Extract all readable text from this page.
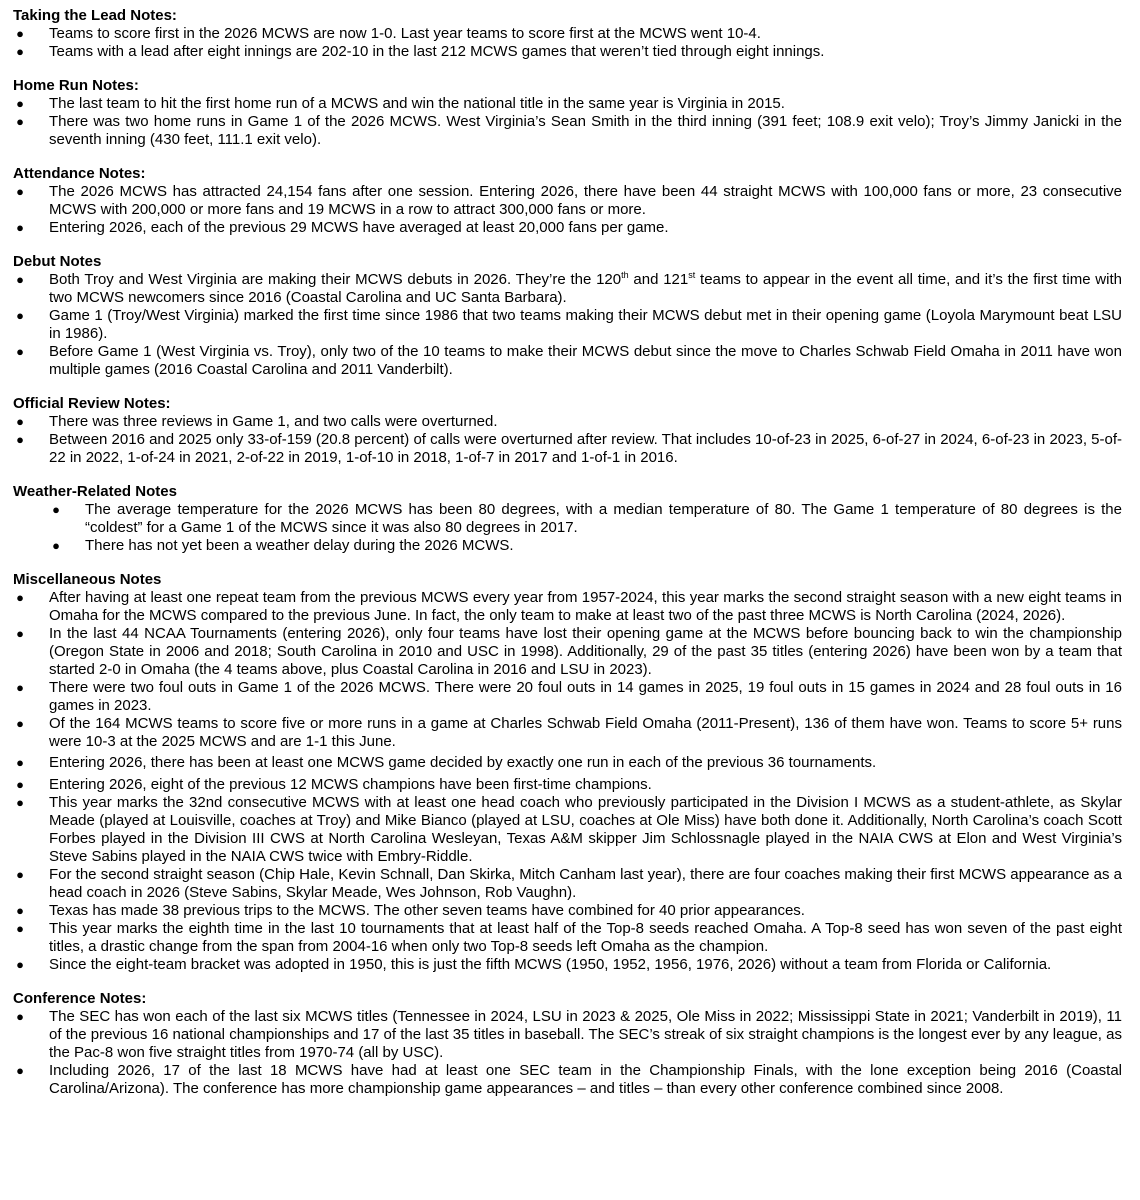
Taking the Lead Notes:

● Teams to score first in the 2026 MCWS are now 1-0. Last year teams to score first at the MCWS went 10-4.
● Teams with a lead after eight innings are 202-10 in the last 212 MCWS games that weren’t tied through eight innings.

Home Run Notes:

● The last team to hit the first home run of a MCWS and win the national title in the same year is Virginia in 2015.
● There was two home runs in Game 1 of the 2026 MCWS. West Virginia’s Sean Smith in the third inning (391 feet; 108.9 exit velo); Troy’s Jimmy Janicki in the seventh inning (430 feet, 111.1 exit velo).

Attendance Notes:

● The 2026 MCWS has attracted 24,154 fans after one session. Entering 2026, there have been 44 straight MCWS with 100,000 fans or more, 23 consecutive MCWS with 200,000 or more fans and 19 MCWS in a row to attract 300,000 fans or more.
● Entering 2026, each of the previous 29 MCWS have averaged at least 20,000 fans per game.

Debut Notes

● Both Troy and West Virginia are making their MCWS debuts in 2026. They’re the 120th and 121st teams to appear in the event all time, and it’s the first time with two MCWS newcomers since 2016 (Coastal Carolina and UC Santa Barbara).
● Game 1 (Troy/West Virginia) marked the first time since 1986 that two teams making their MCWS debut met in their opening game (Loyola Marymount beat LSU in 1986).
● Before Game 1 (West Virginia vs. Troy), only two of the 10 teams to make their MCWS debut since the move to Charles Schwab Field Omaha in 2011 have won multiple games (2016 Coastal Carolina and 2011 Vanderbilt).

Official Review Notes:

● There was three reviews in Game 1, and two calls were overturned.
● Between 2016 and 2025 only 33-of-159 (20.8 percent) of calls were overturned after review. That includes 10-of-23 in 2025, 6-of-27 in 2024, 6-of-23 in 2023, 5-of-22 in 2022, 1-of-24 in 2021, 2-of-22 in 2019, 1-of-10 in 2018, 1-of-7 in 2017 and 1-of-1 in 2016.

Weather-Related Notes

● The average temperature for the 2026 MCWS has been 80 degrees, with a median temperature of 80. The Game 1 temperature of 80 degrees is the “coldest” for a Game 1 of the MCWS since it was also 80 degrees in 2017.
● There has not yet been a weather delay during the 2026 MCWS.

Miscellaneous Notes

● After having at least one repeat team from the previous MCWS every year from 1957-2024, this year marks the second straight season with a new eight teams in Omaha for the MCWS compared to the previous June. In fact, the only team to make at least two of the past three MCWS is North Carolina (2024, 2026).
● In the last 44 NCAA Tournaments (entering 2026), only four teams have lost their opening game at the MCWS before bouncing back to win the championship (Oregon State in 2006 and 2018; South Carolina in 2010 and USC in 1998). Additionally, 29 of the past 35 titles (entering 2026) have been won by a team that started 2-0 in Omaha (the 4 teams above, plus Coastal Carolina in 2016 and LSU in 2023).
● There were two foul outs in Game 1 of the 2026 MCWS. There were 20 foul outs in 14 games in 2025, 19 foul outs in 15 games in 2024 and 28 foul outs in 16 games in 2023.
● Of the 164 MCWS teams to score five or more runs in a game at Charles Schwab Field Omaha (2011-Present), 136 of them have won. Teams to score 5+ runs were 10-3 at the 2025 MCWS and are 1-1 this June.
● Entering 2026, there has been at least one MCWS game decided by exactly one run in each of the previous 36 tournaments.
● Entering 2026, eight of the previous 12 MCWS champions have been first-time champions.
● This year marks the 32nd consecutive MCWS with at least one head coach who previously participated in the Division I MCWS as a student-athlete, as Skylar Meade (played at Louisville, coaches at Troy) and Mike Bianco (played at LSU, coaches at Ole Miss) have both done it. Additionally, North Carolina’s coach Scott Forbes played in the Division III CWS at North Carolina Wesleyan, Texas A&M skipper Jim Schlossnagle played in the NAIA CWS at Elon and West Virginia’s Steve Sabins played in the NAIA CWS twice with Embry-Riddle.
● For the second straight season (Chip Hale, Kevin Schnall, Dan Skirka, Mitch Canham last year), there are four coaches making their first MCWS appearance as a head coach in 2026 (Steve Sabins, Skylar Meade, Wes Johnson, Rob Vaughn).
● Texas has made 38 previous trips to the MCWS. The other seven teams have combined for 40 prior appearances.
● This year marks the eighth time in the last 10 tournaments that at least half of the Top-8 seeds reached Omaha. A Top-8 seed has won seven of the past eight titles, a drastic change from the span from 2004-16 when only two Top-8 seeds left Omaha as the champion.
● Since the eight-team bracket was adopted in 1950, this is just the fifth MCWS (1950, 1952, 1956, 1976, 2026) without a team from Florida or California.

Conference Notes:

● The SEC has won each of the last six MCWS titles (Tennessee in 2024, LSU in 2023 & 2025, Ole Miss in 2022; Mississippi State in 2021; Vanderbilt in 2019), 11 of the previous 16 national championships and 17 of the last 35 titles in baseball. The SEC’s streak of six straight champions is the longest ever by any league, as the Pac-8 won five straight titles from 1970-74 (all by USC).
● Including 2026, 17 of the last 18 MCWS have had at least one SEC team in the Championship Finals, with the lone exception being 2016 (Coastal Carolina/Arizona). The conference has more championship game appearances – and titles – than every other conference combined since 2008.
